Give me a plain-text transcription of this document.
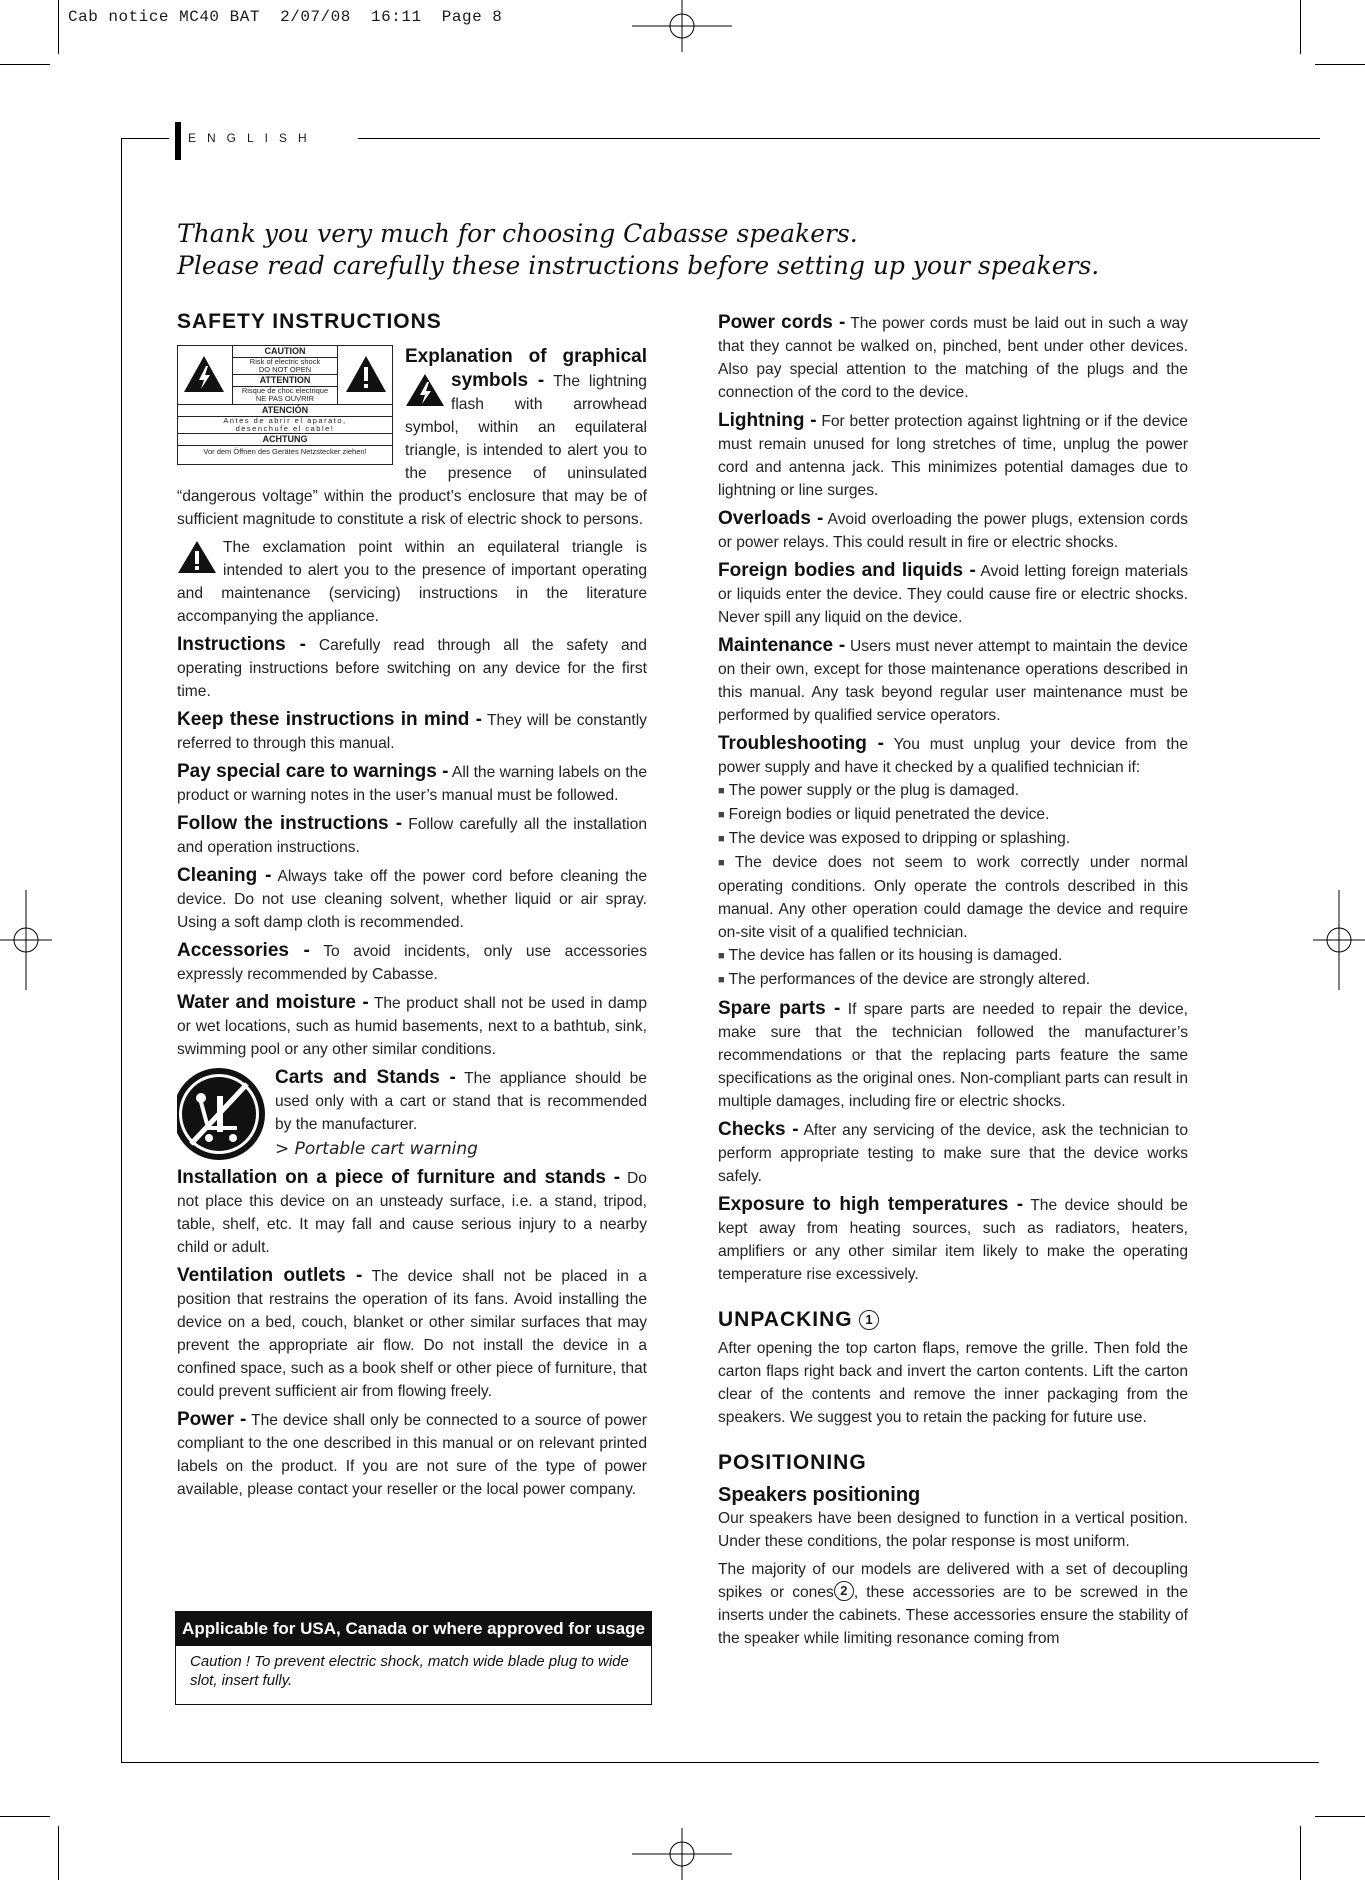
Cab notice MC40 BAT  2/07/08  16:11  Page 8
ENGLISH
Thank you very much for choosing Cabasse speakers.
Please read carefully these instructions before setting up your speakers.

SAFETY INSTRUCTIONS

CAUTION
Risk of electric shock
DO NOT OPEN
ATTENTION
Risque de choc electrique
NE PAS OUVRIR
ATENCIÓN
Antes de abrir el aparato,
desenchufe el cable!
ACHTUNG
Vor dem Öffnen des Gerätes Netzstecker ziehen!

Explanation of graphical symbols - The lightning flash with arrowhead symbol, within an equilateral triangle, is intended to alert you to the presence of uninsulated “dangerous voltage” within the product’s enclosure that may be of sufficient magnitude to constitute a risk of electric shock to persons.

The exclamation point within an equilateral triangle is intended to alert you to the presence of important operating and maintenance (servicing) instructions in the literature accompanying the appliance.

Instructions - Carefully read through all the safety and operating instructions before switching on any device for the first time.

Keep these instructions in mind - They will be constantly referred to through this manual.

Pay special care to warnings - All the warning labels on the product or warning notes in the user’s manual must be followed.

Follow the instructions - Follow carefully all the installation and operation instructions.

Cleaning - Always take off the power cord before cleaning the device. Do not use cleaning solvent, whether liquid or air spray. Using a soft damp cloth is recommended.

Accessories - To avoid incidents, only use accessories expressly recommended by Cabasse.

Water and moisture - The product shall not be used in damp or wet locations, such as humid basements, next to a bathtub, sink, swimming pool or any other similar conditions.

Carts and Stands - The appliance should be used only with a cart or stand that is recommended by the manufacturer.

> Portable cart warning

Installation on a piece of furniture and stands - Do not place this device on an unsteady surface, i.e. a stand, tripod, table, shelf, etc. It may fall and cause serious injury to a nearby child or adult.

Ventilation outlets - The device shall not be placed in a position that restrains the operation of its fans. Avoid installing the device on a bed, couch, blanket or other similar surfaces that may prevent the appropriate air flow. Do not install the device in a confined space, such as a book shelf or other piece of furniture, that could prevent sufficient air from flowing freely.

Power - The device shall only be connected to a source of power compliant to the one described in this manual or on relevant printed labels on the product. If you are not sure of the type of power available, please contact your reseller or the local power company.

Applicable for USA, Canada or where approved for usage
Caution ! To prevent electric shock, match wide blade plug to wide slot, insert fully.

Power cords - The power cords must be laid out in such a way that they cannot be walked on, pinched, bent under other devices. Also pay special attention to the matching of the plugs and the connection of the cord to the device.

Lightning - For better protection against lightning or if the device must remain unused for long stretches of time, unplug the power cord and antenna jack. This minimizes potential damages due to lightning or line surges.

Overloads - Avoid overloading the power plugs, extension cords or power relays. This could result in fire or electric shocks.

Foreign bodies and liquids - Avoid letting foreign materials or liquids enter the device. They could cause fire or electric shocks. Never spill any liquid on the device.

Maintenance - Users must never attempt to maintain the device on their own, except for those maintenance operations described in this manual. Any task beyond regular user maintenance must be performed by qualified service operators.

Troubleshooting - You must unplug your device from the power supply and have it checked by a qualified technician if:

■ The power supply or the plug is damaged.
■ Foreign bodies or liquid penetrated the device.
■ The device was exposed to dripping or splashing.
■ The device does not seem to work correctly under normal operating conditions. Only operate the controls described in this manual. Any other operation could damage the device and require on-site visit of a qualified technician.
■ The device has fallen or its housing is damaged.
■ The performances of the device are strongly altered.

Spare parts - If spare parts are needed to repair the device, make sure that the technician followed the manufacturer’s recommendations or that the replacing parts feature the same specifications as the original ones. Non-compliant parts can result in multiple damages, including fire or electric shocks.

Checks - After any servicing of the device, ask the technician to perform appropriate testing to make sure that the device works safely.

Exposure to high temperatures - The device should be kept away from heating sources, such as radiators, heaters, amplifiers or any other similar item likely to make the operating temperature rise excessively.

UNPACKING 1

After opening the top carton flaps, remove the grille. Then fold the carton flaps right back and invert the carton contents. Lift the carton clear of the contents and remove the inner packaging from the speakers. We suggest you to retain the packing for future use.

POSITIONING

Speakers positioning

Our speakers have been designed to function in a vertical position. Under these conditions, the polar response is most uniform.

The majority of our models are delivered with a set of decoupling spikes or cones 2 , these accessories are to be screwed in the inserts under the cabinets. These accessories ensure the stability of the speaker while limiting resonance coming from
